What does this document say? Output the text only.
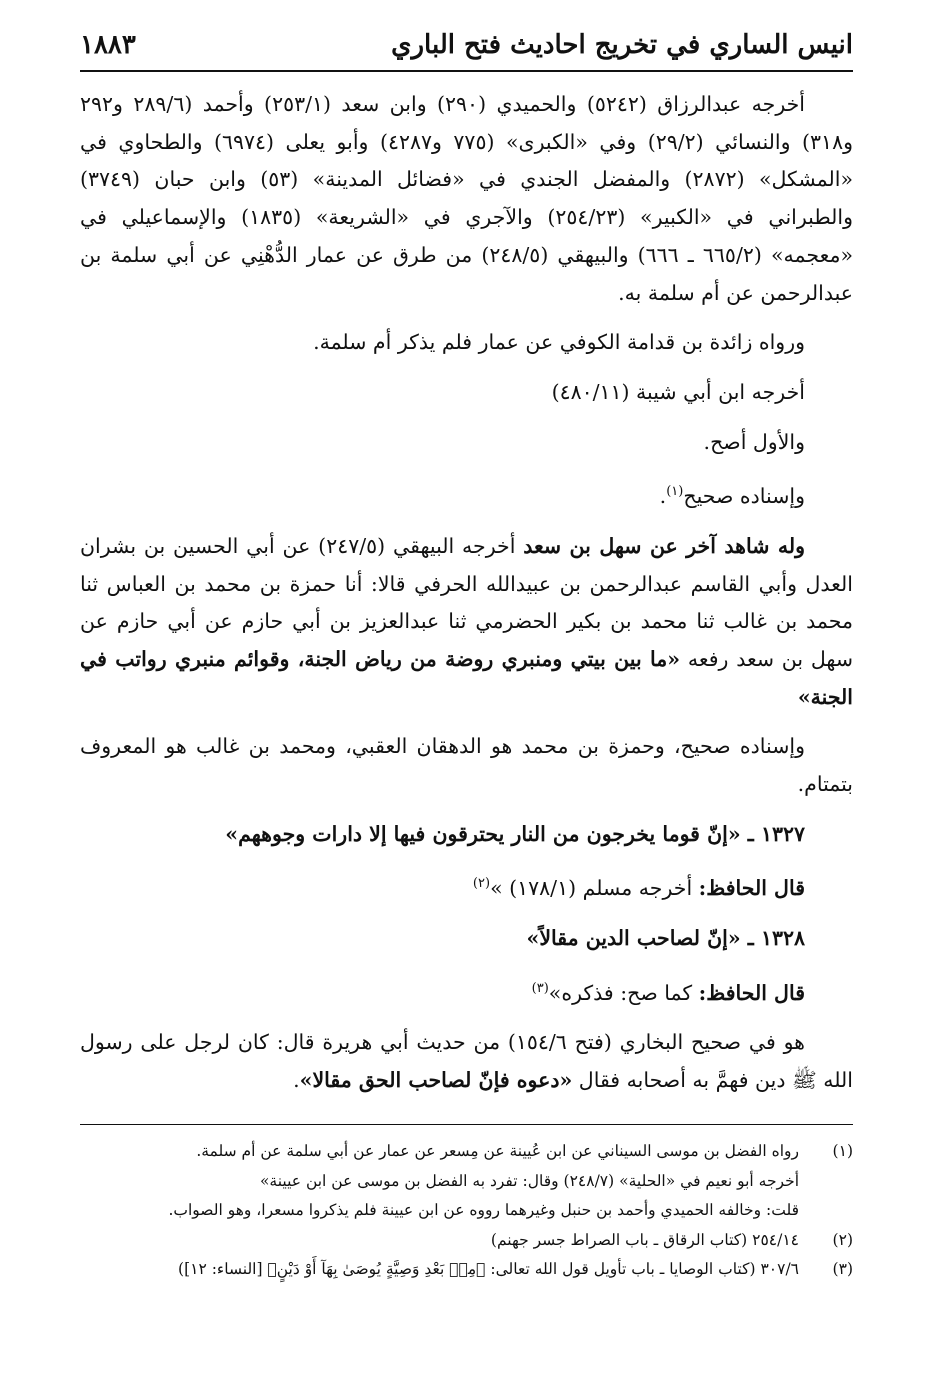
انيس الساري في تخريج احاديث فتح الباري
١٨٨٣

أخرجه عبدالرزاق (٥٢٤٢) والحميدي (٢٩٠) وابن سعد (٢٥٣/١) وأحمد (٢٨٩/٦ و٢٩٢ و٣١٨) والنسائي (٢٩/٢) وفي «الكبرى» (٧٧٥ و٤٢٨٧) وأبو يعلى (٦٩٧٤) والطحاوي في «المشكل» (٢٨٧٢) والمفضل الجندي في «فضائل المدينة» (٥٣) وابن حبان (٣٧٤٩) والطبراني في «الكبير» (٢٥٤/٢٣) والآجري في «الشريعة» (١٨٣٥) والإسماعيلي في «معجمه» (٦٦٥/٢ ـ ٦٦٦) والبيهقي (٢٤٨/٥) من طرق عن عمار الدُّهْنِي عن أبي سلمة بن عبدالرحمن عن أم سلمة به.

ورواه زائدة بن قدامة الكوفي عن عمار فلم يذكر أم سلمة.

أخرجه ابن أبي شيبة (٤٨٠/١١)

والأول أصح.

وإسناده صحيح$^{(١)}$.

وله شاهد آخر عن سهل بن سعد أخرجه البيهقي (٢٤٧/٥) عن أبي الحسين بن بشران العدل وأبي القاسم عبدالرحمن بن عبيدالله الحرفي قالا: أنا حمزة بن محمد بن العباس ثنا محمد بن غالب ثنا محمد بن بكير الحضرمي ثنا عبدالعزيز بن أبي حازم عن أبي حازم عن سهل بن سعد رفعه «ما بين بيتي ومنبري روضة من رياض الجنة، وقوائم منبري رواتب في الجنة»

وإسناده صحيح، وحمزة بن محمد هو الدهقان العقبي، ومحمد بن غالب هو المعروف بتمتام.

١٣٢٧ ـ «إنّ قوما يخرجون من النار يحترقون فيها إلا دارات وجوههم»

قال الحافظ: أخرجه مسلم (١٧٨/١) »$^{(٢)}$

١٣٢٨ ـ «إنّ لصاحب الدين مقالاً»

قال الحافظ: كما صح: فذكره»$^{(٣)}$

هو في صحيح البخاري (فتح ١٥٤/٦) من حديث أبي هريرة قال: كان لرجل على رسول الله ﷺ دين فهمَّ به أصحابه فقال «دعوه فإنّ لصاحب الحق مقالا».

(١)
رواه الفضل بن موسى السيناني عن ابن عُيينة عن مِسعر عن عمار عن أبي سلمة عن أم سلمة.
أخرجه أبو نعيم في «الحلية» (٢٤٨/٧) وقال: تفرد به الفضل بن موسى عن ابن عيينة»
قلت: وخالفه الحميدي وأحمد بن حنبل وغيرهما رووه عن ابن عيينة فلم يذكروا مسعرا، وهو الصواب.
(٢)
٢٥٤/١٤ (كتاب الرقاق ـ باب الصراط جسر جهنم)
(٣)
٣٠٧/٦ (كتاب الوصايا ـ باب تأويل قول الله تعالى: ﴿مِنۢ بَعْدِ وَصِيَّةٍ يُوصَىٰ بِهَآ أَوْ دَيْنٍ﴾ [النساء: ١٢])
